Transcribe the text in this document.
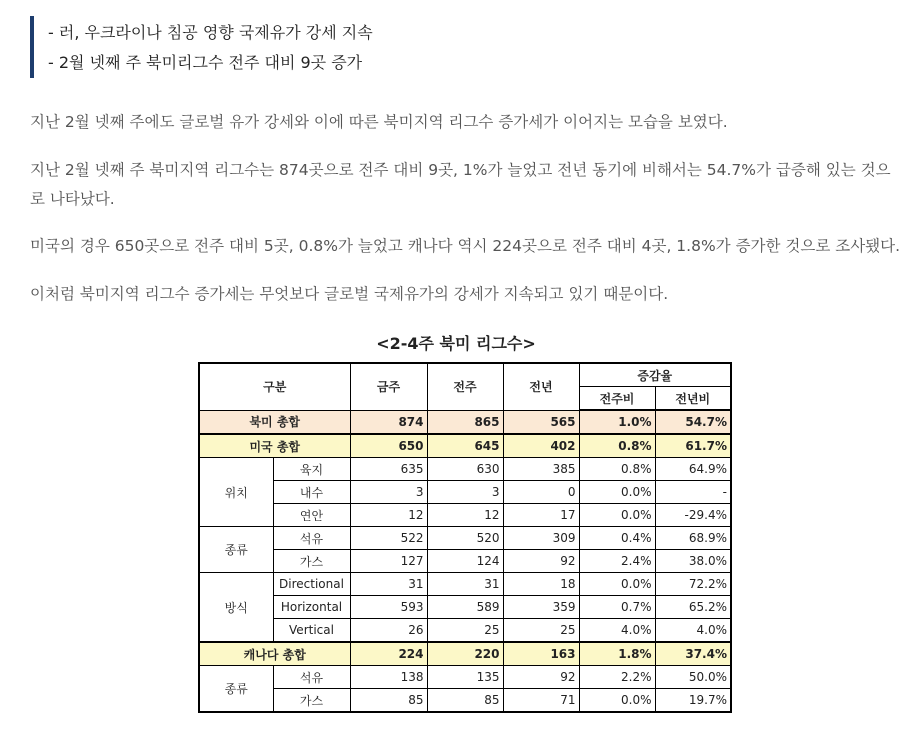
- 러, 우크라이나 침공 영향 국제유가 강세 지속
- 2월 넷째 주 북미리그수 전주 대비 9곳 증가
지난 2월 넷째 주에도 글로벌 유가 강세와 이에 따른 북미지역 리그수 증가세가 이어지는 모습을 보였다.
지난 2월 넷째 주 북미지역 리그수는 874곳으로 전주 대비 9곳, 1%가 늘었고 전년 동기에 비해서는 54.7%가 급증해 있는 것으
로 나타났다.
미국의 경우 650곳으로 전주 대비 5곳, 0.8%가 늘었고 캐나다 역시 224곳으로 전주 대비 4곳, 1.8%가 증가한 것으로 조사됐다.
이처럼 북미지역 리그수 증가세는 무엇보다 글로벌 국제유가의 강세가 지속되고 있기 때문이다.
<2-4주 북미 리그수>
구분		금주	전주	전년	증감율	
					전주비	전년비
북미 총합		874	865	565	1.0%	54.7%
미국 총합		650	645	402	0.8%	61.7%
위치	육지	635	630	385	0.8%	64.9%
	내수	3	3	0	0.0%	-
	연안	12	12	17	0.0%	-29.4%
종류	석유	522	520	309	0.4%	68.9%
	가스	127	124	92	2.4%	38.0%
방식	Directional	31	31	18	0.0%	72.2%
	Horizontal	593	589	359	0.7%	65.2%
	Vertical	26	25	25	4.0%	4.0%
캐나다 총합		224	220	163	1.8%	37.4%
종류	석유	138	135	92	2.2%	50.0%
	가스	85	85	71	0.0%	19.7%
